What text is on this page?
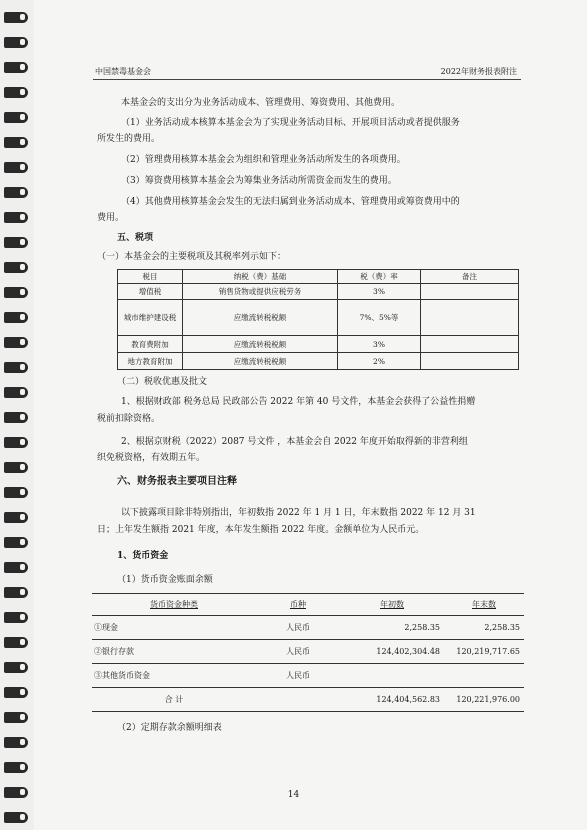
中国禁毒基金会	2022年财务报表附注
本基金会的支出分为业务活动成本、管理费用、筹资费用、其他费用。
（1）业务活动成本核算本基金会为了实现业务活动目标、开展项目活动或者提供服务
所发生的费用。
（2）管理费用核算本基金会为组织和管理业务活动所发生的各项费用。
（3）筹资费用核算本基金会为筹集业务活动所需资金而发生的费用。
（4）其他费用核算基金会发生的无法归属到业务活动成本、管理费用或筹资费用中的
费用。
五、税项
（一）本基金会的主要税项及其税率列示如下：
税目	纳税（费）基础	税（费）率	备注
增值税	销售货物或提供应税劳务	3%	
城市维护建设税	应缴流转税税额	7%、5%等	
教育费附加	应缴流转税税额	3%	
地方教育附加	应缴流转税税额	2%	
（二）税收优惠及批文
1、根据财政部 税务总局 民政部公告 2022 年第 40 号文件，本基金会获得了公益性捐赠
税前扣除资格。
2、根据京财税（2022）2087 号文件 ，本基金会自 2022 年度开始取得新的非营利组
织免税资格，有效期五年。
六、财务报表主要项目注释
以下披露项目除非特别指出，年初数指 2022 年 1 月 1 日，年末数指 2022 年 12 月 31
日；上年发生额指 2021 年度，本年发生额指 2022 年度。金额单位为人民币元。
1、货币资金
（1）货币资金账面余额
货币资金种类	币种	年初数	年末数
①现金	人民币	2,258.35	2,258.35
②银行存款	人民币	124,402,304.48	120,219,717.65
③其他货币资金	人民币		
合 计		124,404,562.83	120,221,976.00
（2）定期存款余额明细表
14
